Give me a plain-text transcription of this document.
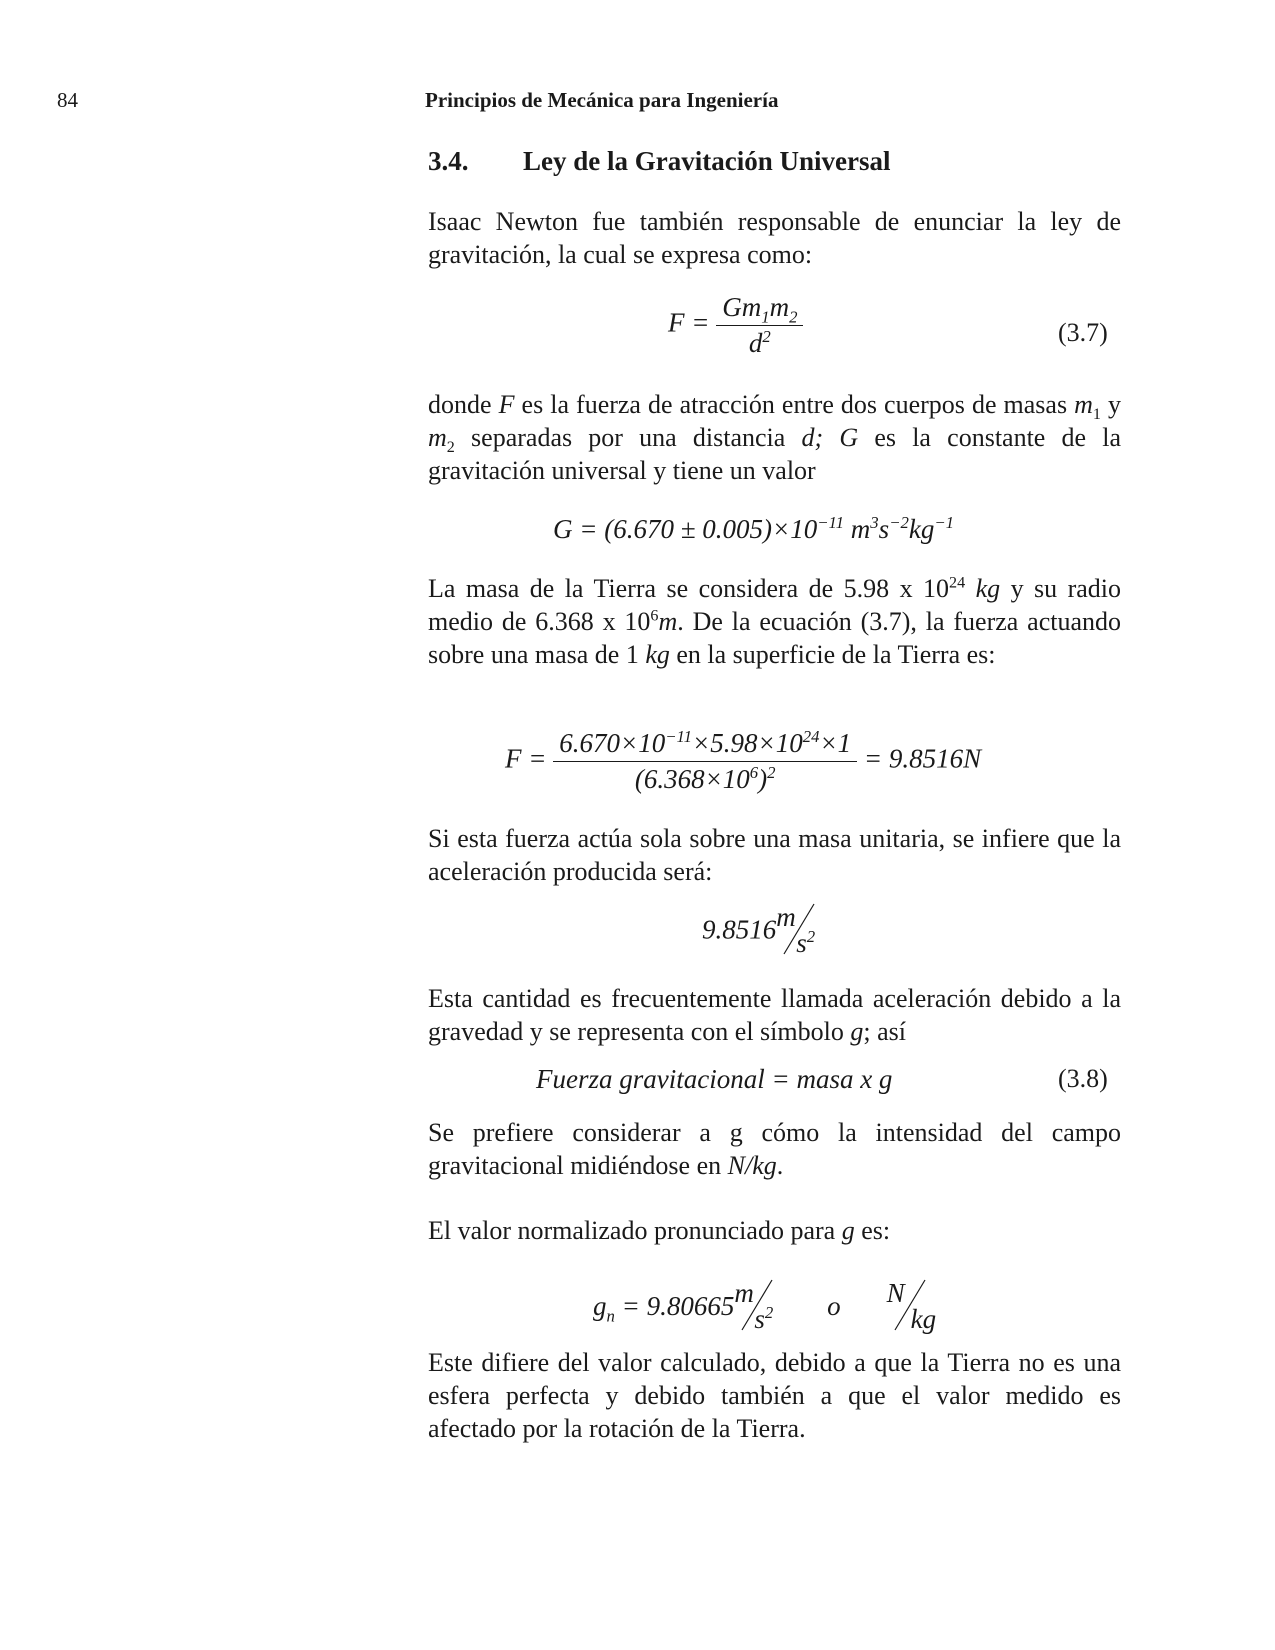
84	Principios de Mecánica para Ingeniería
3.4. Ley de la Gravitación Universal
Isaac Newton fue también responsable de enunciar la ley de gravitación, la cual se expresa como:
$F = \frac{Gm_1m_2}{d^2}$	(3.7)
donde F es la fuerza de atracción entre dos cuerpos de masas $m_1$ y $m_2$ separadas por una distancia d; G es la constante de la gravitación universal y tiene un valor
$G = (6.670 \pm 0.005)\times 10^{-11}$ $m^3s^{-2}kg^{-1}$
La masa de la Tierra se considera de 5.98 x $10^{24}$ kg y su radio medio de 6.368 x $10^6m$. De la ecuación (3.7), la fuerza actuando sobre una masa de 1 kg en la superficie de la Tierra es:
$F = \frac{6.670\times 10^{-11}\times 5.98\times 10^{24}\times 1}{(6.368\times 10^6)^2} = 9.8516N$
Si esta fuerza actúa sola sobre una masa unitaria, se infiere que la aceleración producida será:
9.8516 m
$s^2$
Esta cantidad es frecuentemente llamada aceleración debido a la gravedad y se representa con el símbolo g; así
Fuerza gravitacional = masa x g	(3.8)
Se prefiere considerar a g cómo la intensidad del campo gravitacional midiéndose en N/kg.
El valor normalizado pronunciado para g es:
$g_n = 9.80665$ m
$s^2$ o N
kg
Este difiere del valor calculado, debido a que la Tierra no es una esfera perfecta y debido también a que el valor medido es afectado por la rotación de la Tierra.
